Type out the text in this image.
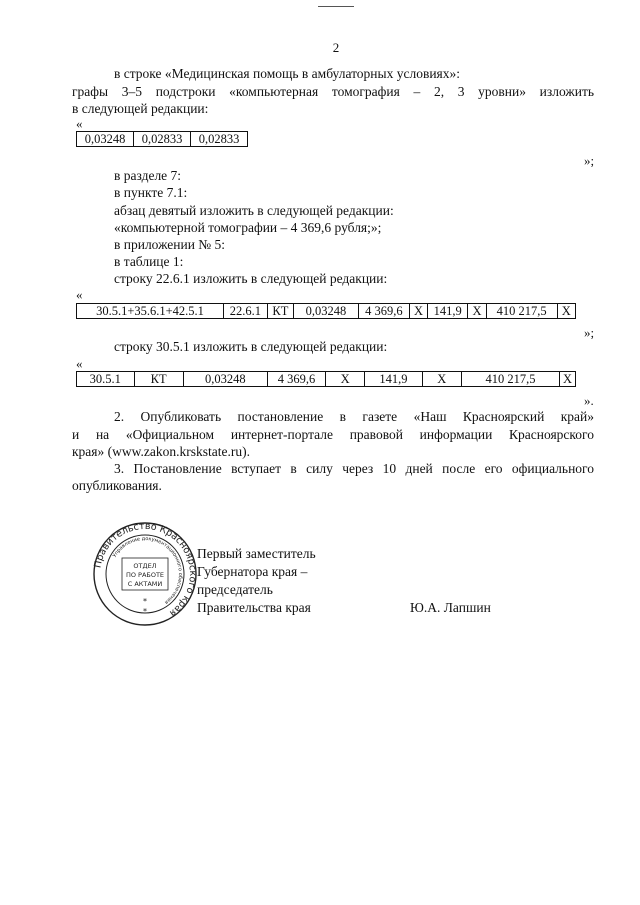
2
в строке «Медицинская помощь в амбулаторных условиях»:
графы 3–5 подстроки «компьютерная томография – 2, 3 уровни» изложить
в следующей редакции:
«
0,03248	0,02833	0,02833
»;
в разделе 7:
в пункте 7.1:
абзац девятый изложить в следующей редакции:
«компьютерной томографии – 4 369,6 рубля;»;
в приложении № 5:
в таблице 1:
строку 22.6.1 изложить в следующей редакции:
«
30.5.1+35.6.1+42.5.1	22.6.1	КТ	0,03248	4 369,6	Х	141,9	Х	410 217,5	Х
»;
строку 30.5.1 изложить в следующей редакции:
«
30.5.1	КТ	0,03248	4 369,6	Х	141,9	Х	410 217,5	Х
».
2. Опубликовать постановление в газете «Наш Красноярский край»
и на «Официальном интернет-портале правовой информации Красноярского
края» (www.zakon.krskstate.ru).
3. Постановление вступает в силу через 10 дней после его официального
опубликования.
Правительство Красноярского края
Управление документационного обеспечения
ОТДЕЛ
ПО РАБОТЕ
С АКТАМИ
*
*
Первый заместитель
Губернатора края –
председатель
Правительства края	Ю.А. Лапшин
